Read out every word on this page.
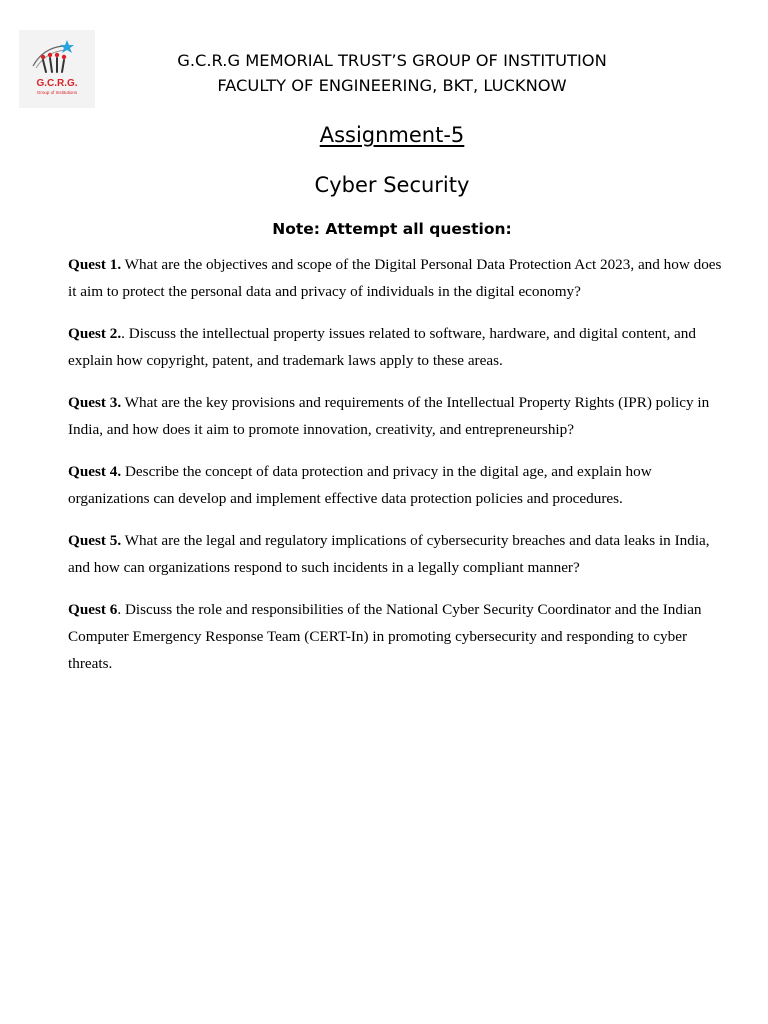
G.C.R.G.
Group of Institutions
G.C.R.G MEMORIAL TRUST’S GROUP OF INSTITUTION
FACULTY OF ENGINEERING, BKT, LUCKNOW
Assignment-5
Cyber Security
Note: Attempt all question:

Quest 1. What are the objectives and scope of the Digital Personal Data Protection Act 2023, and how does it aim to protect the personal data and privacy of individuals in the digital economy?

Quest 2.. Discuss the intellectual property issues related to software, hardware, and digital content, and explain how copyright, patent, and trademark laws apply to these areas.

Quest 3. What are the key provisions and requirements of the Intellectual Property Rights (IPR) policy in India, and how does it aim to promote innovation, creativity, and entrepreneurship?

Quest 4. Describe the concept of data protection and privacy in the digital age, and explain how organizations can develop and implement effective data protection policies and procedures.

Quest 5. What are the legal and regulatory implications of cybersecurity breaches and data leaks in India, and how can organizations respond to such incidents in a legally compliant manner?

Quest 6. Discuss the role and responsibilities of the National Cyber Security Coordinator and the Indian Computer Emergency Response Team (CERT-In) in promoting cybersecurity and responding to cyber threats.
